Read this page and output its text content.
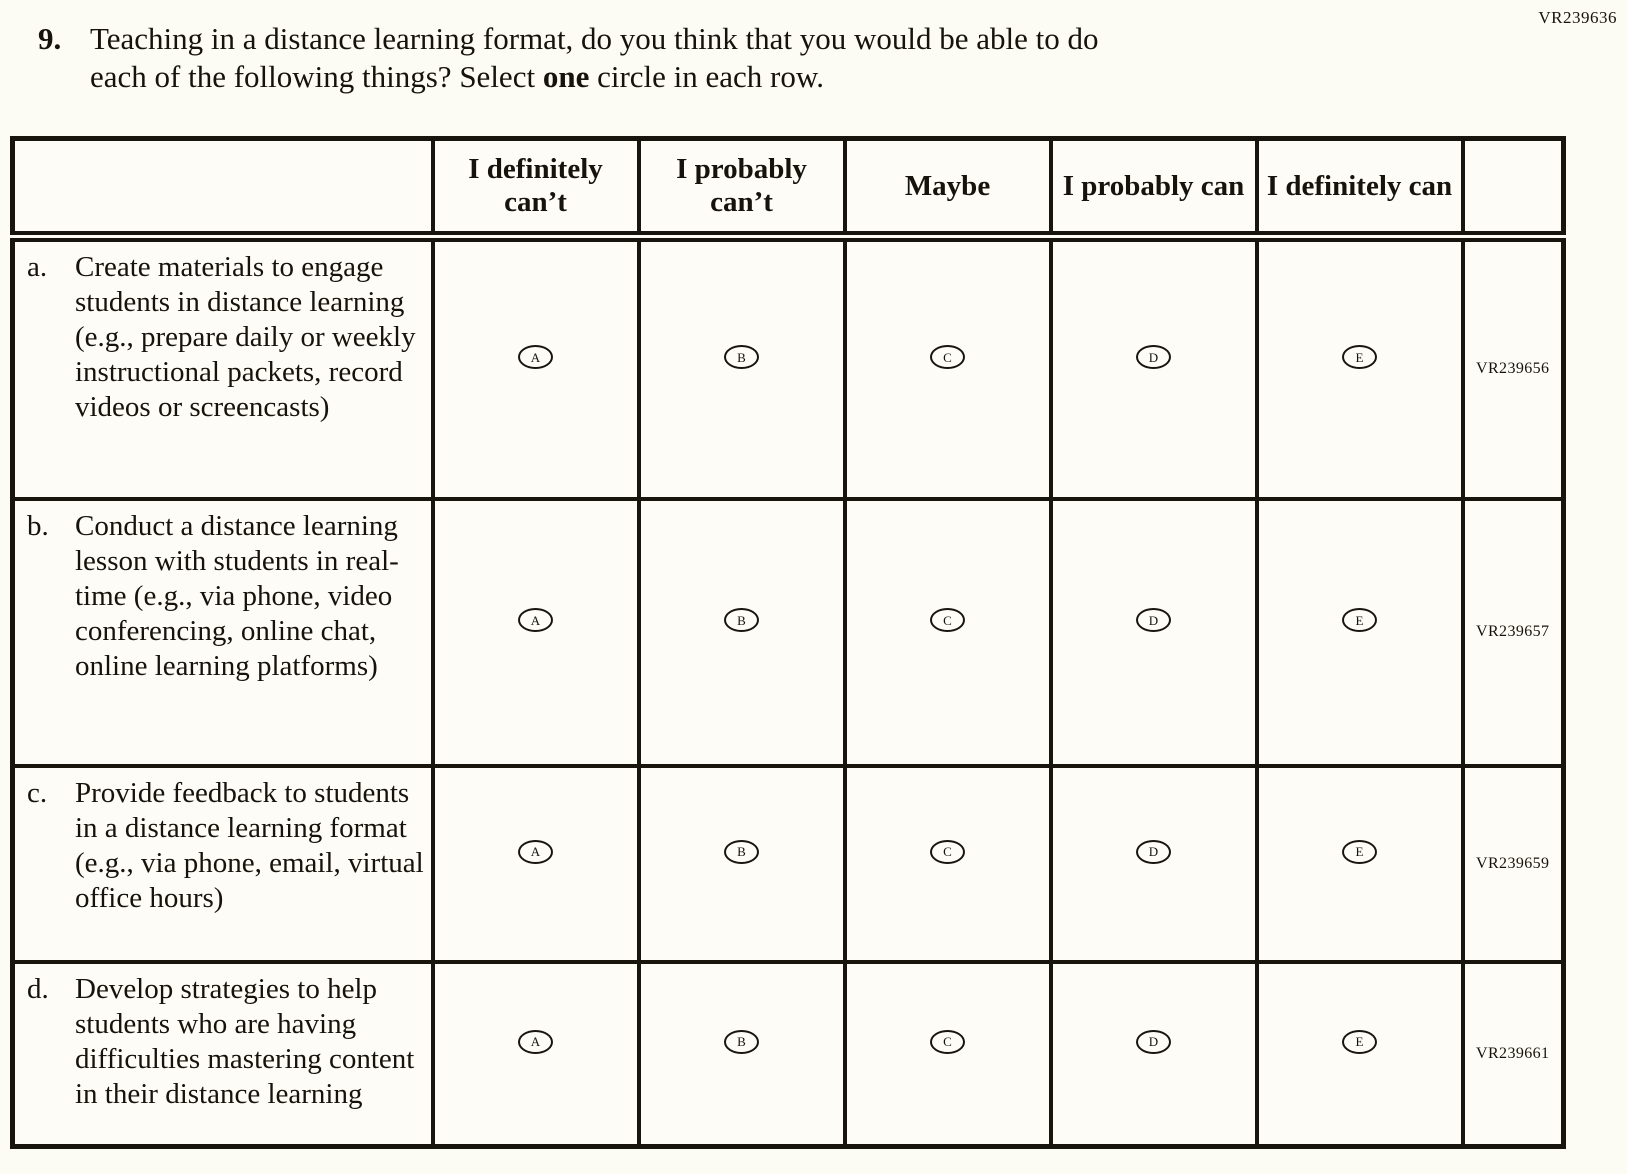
VR239636
9. Teaching in a distance learning format, do you think that you would be able to do
each of the following things? Select one circle in each row.
	I definitely can’t	I probably can’t	Maybe	I probably can	I definitely can	

a. Create materials to engage students in distance learning (e.g., prepare daily or weekly instructional packets, record videos or screencasts)	A	B	C	D	E	VR239656

b. Conduct a distance learning lesson with students in real-time (e.g., via phone, video conferencing, online chat, online learning platforms)	A	B	C	D	E	VR239657

c. Provide feedback to students in a distance learning format (e.g., via phone, email, virtual office hours)	A	B	C	D	E	VR239659

d. Develop strategies to help students who are having difficulties mastering content in their distance learning	A	B	C	D	E	VR239661
